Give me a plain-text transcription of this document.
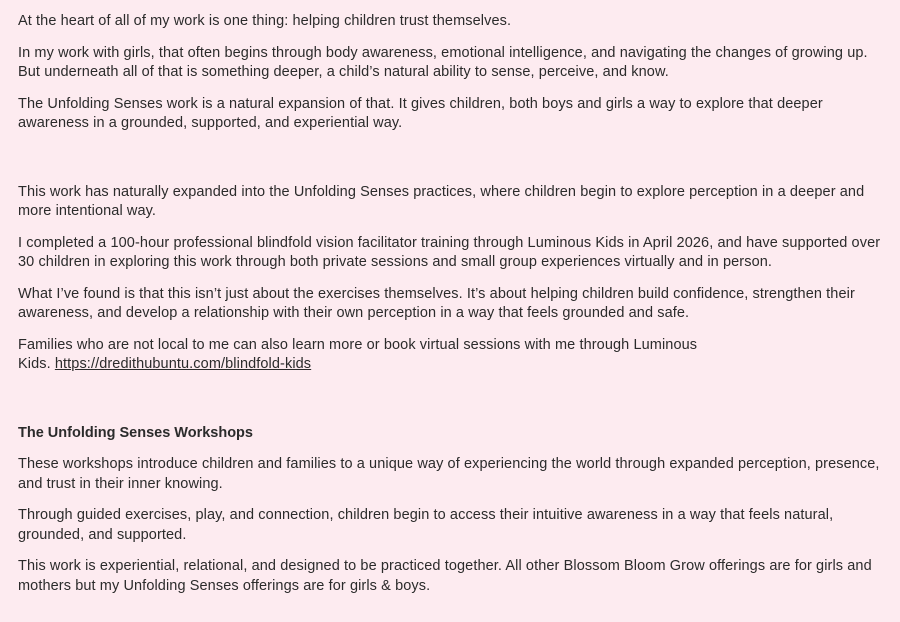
At the heart of all of my work is one thing: helping children trust themselves.

In my work with girls, that often begins through body awareness, emotional intelligence, and navigating the changes of growing up. But underneath all of that is something deeper, a child’s natural ability to sense, perceive, and know.

The Unfolding Senses work is a natural expansion of that. It gives children, both boys and girls a way to explore that deeper awareness in a grounded, supported, and experiential way.

This work has naturally expanded into the Unfolding Senses practices, where children begin to explore perception in a deeper and more intentional way.

I completed a 100-hour professional blindfold vision facilitator training through Luminous Kids in April 2026, and have supported over 30 children in exploring this work through both private sessions and small group experiences virtually and in person.

What I’ve found is that this isn’t just about the exercises themselves. It’s about helping children build confidence, strengthen their awareness, and develop a relationship with their own perception in a way that feels grounded and safe.

Families who are not local to me can also learn more or book virtual sessions with me through Luminous
Kids. https://dredithubuntu.com/blindfold-kids

The Unfolding Senses Workshops

These workshops introduce children and families to a unique way of experiencing the world through expanded perception, presence, and trust in their inner knowing.

Through guided exercises, play, and connection, children begin to access their intuitive awareness in a way that feels natural, grounded, and supported.

This work is experiential, relational, and designed to be practiced together. All other Blossom Bloom Grow offerings are for girls and mothers but my Unfolding Senses offerings are for girls & boys.
